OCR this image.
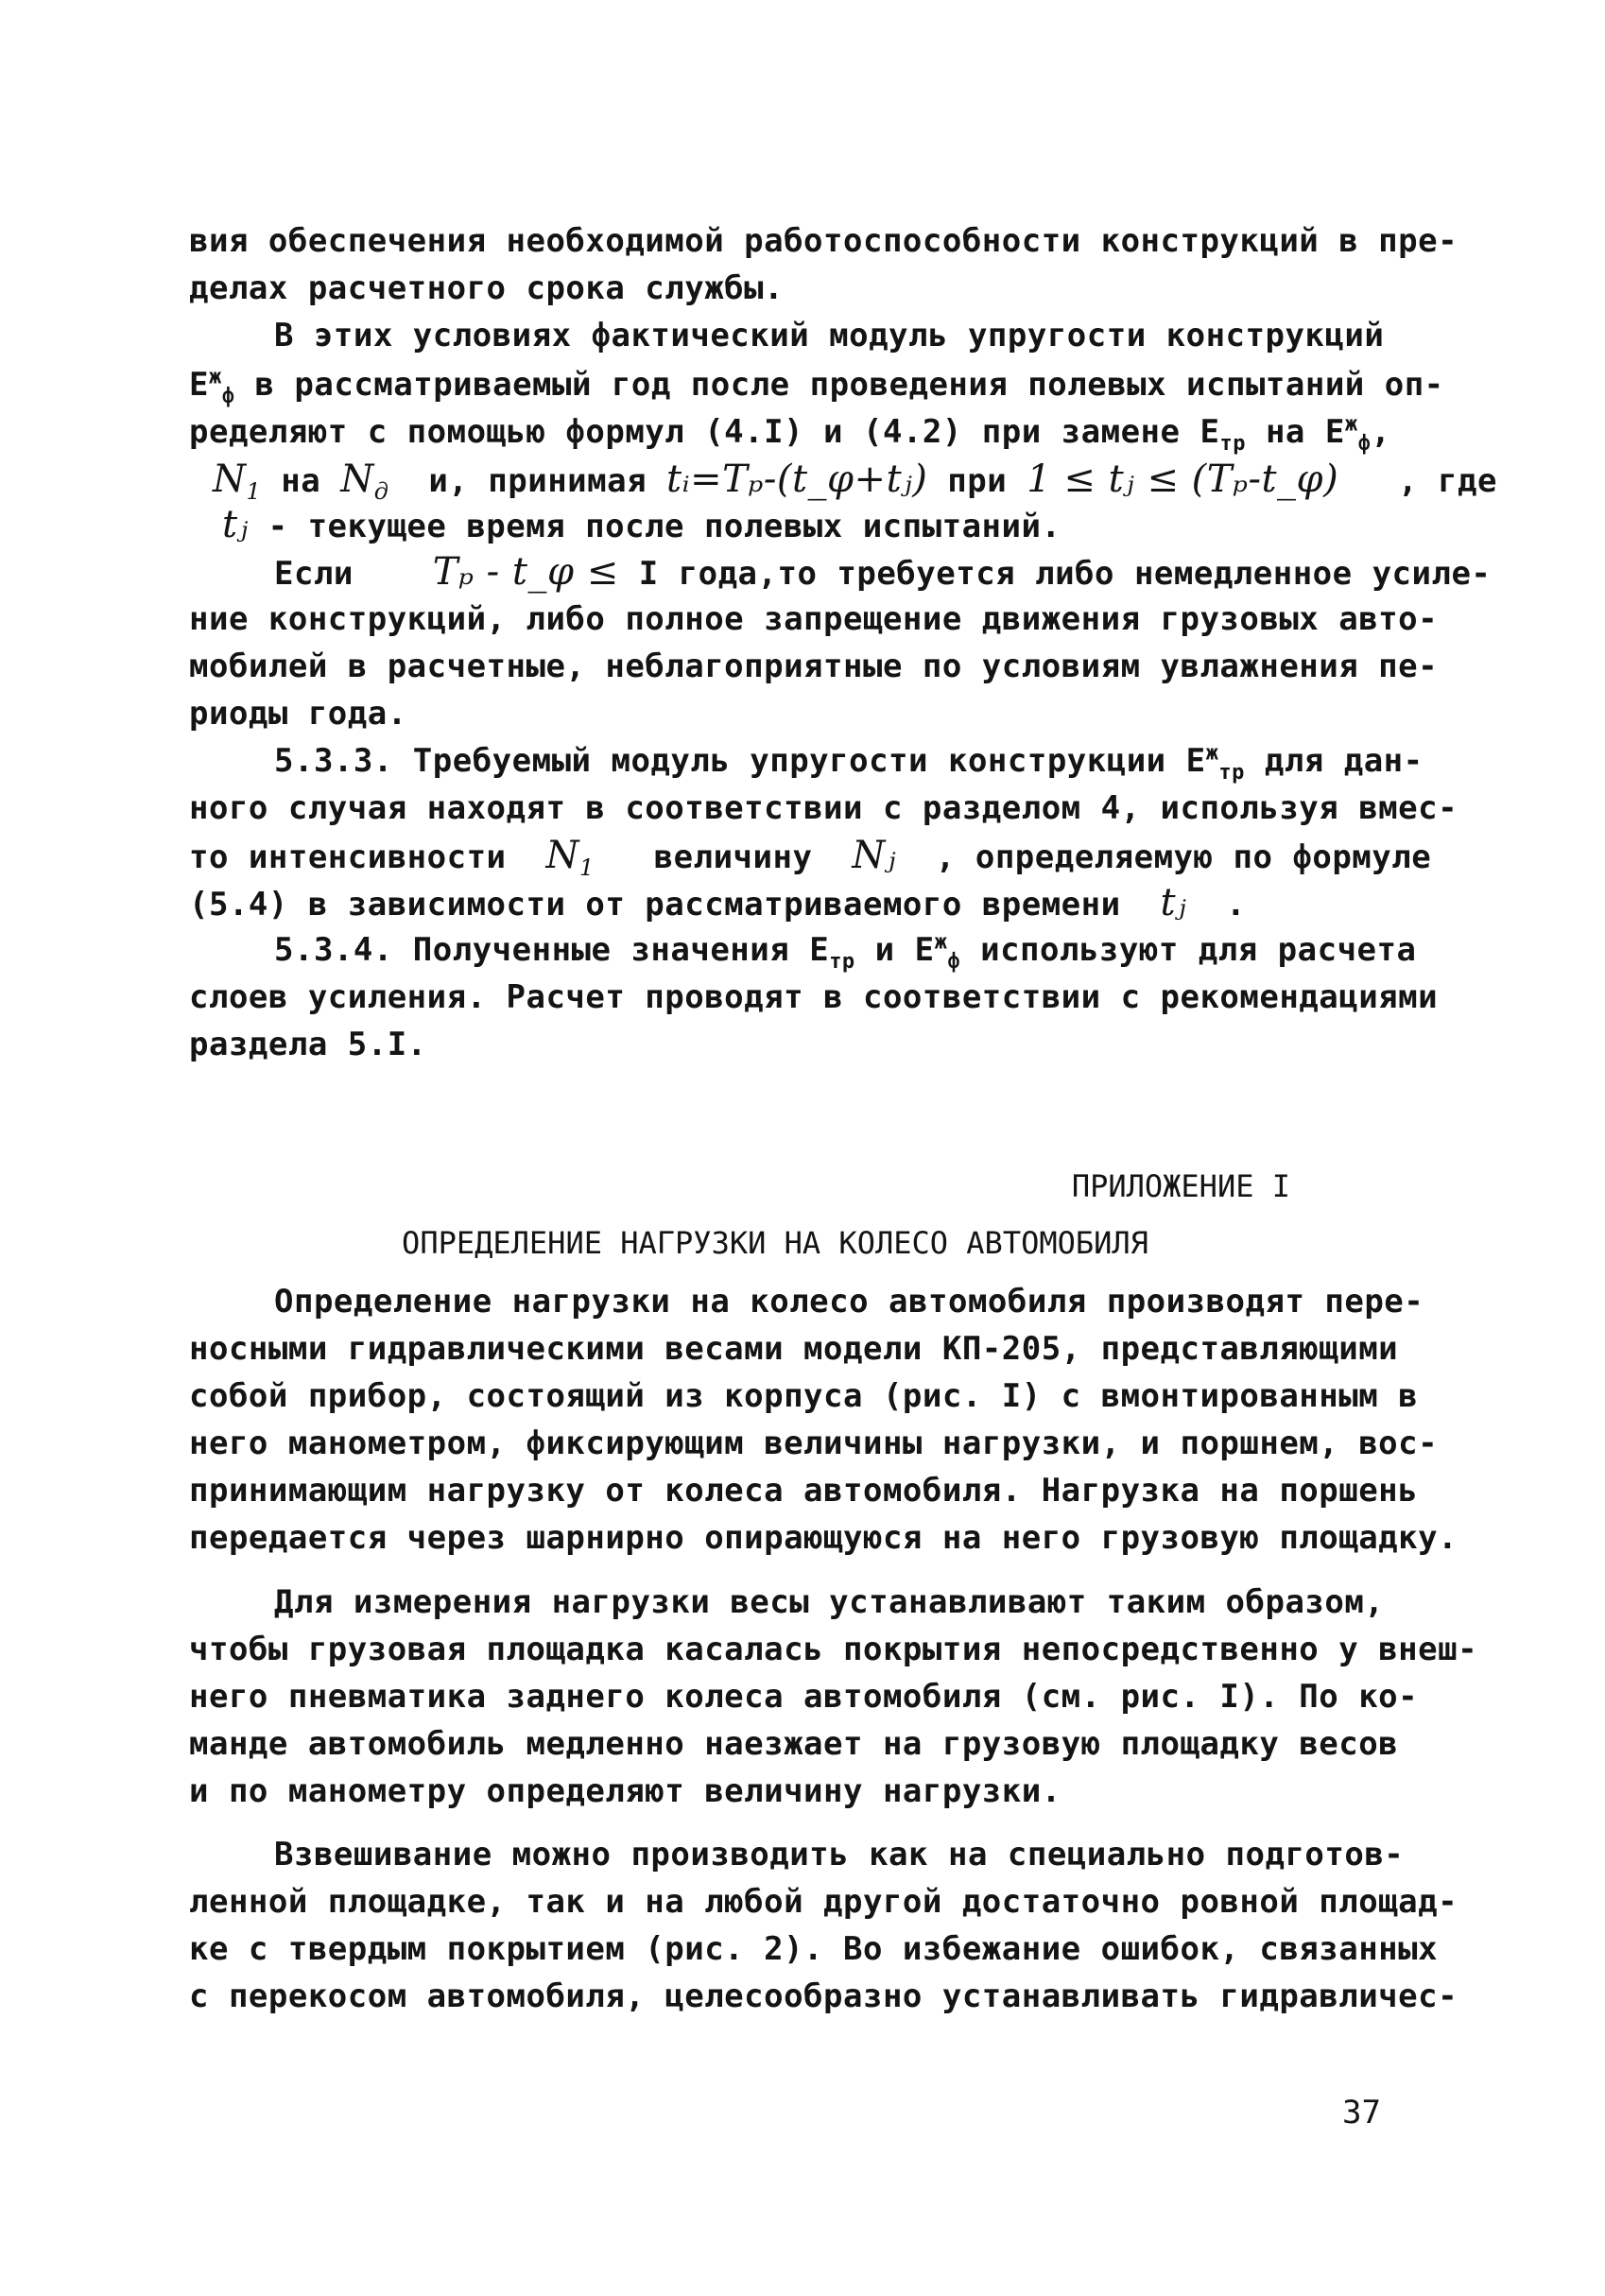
вия обеспечения необходимой работоспособности конструкций в пре-
делах расчетного срока службы.
В этих условиях фактический модуль упругости конструкций
$Е^ж_ф$ в рассматриваемый год после проведения полевых испытаний оп-
ределяют с помощью формул (4.I) и (4.2) при замене $Е_{тр}$ на $Е^ж_ф$,
$N_1$ на $N_д$ и, принимая tᵢ=Tₚ-(t_φ+tⱼ) при 1 ≤ tⱼ ≤ (Tₚ-t_φ) , где
tⱼ - текущее время после полевых испытаний.
Если Tₚ - t_φ ≤ I года,то требуется либо немедленное усиле-
ние конструкций, либо полное запрещение движения грузовых авто-
мобилей в расчетные, неблагоприятные по условиям увлажнения пе-
риоды года.
5.3.3. Требуемый модуль упругости конструкции $Е^ж_{тр}$ для дан-
ного случая находят в соответствии с разделом 4, используя вмес-
то интенсивности $N_1$ величину Nⱼ , определяемую по формуле
(5.4) в зависимости от рассматриваемого времени tⱼ  .
5.3.4. Полученные значения $Е_{тр}$ и $Е^ж_ф$ используют для расчета
слоев усиления. Расчет проводят в соответствии с рекомендациями
раздела 5.I.
ПРИЛОЖЕНИЕ I
ОПРЕДЕЛЕНИЕ НАГРУЗКИ НА КОЛЕСО АВТОМОБИЛЯ
Определение нагрузки на колесо автомобиля производят пере-
носными гидравлическими весами модели КП-205, представляющими
собой прибор, состоящий из корпуса (рис. I) с вмонтированным в
него манометром, фиксирующим величины нагрузки, и поршнем, вос-
принимающим нагрузку от колеса автомобиля. Нагрузка на поршень
передается через шарнирно опирающуюся на него грузовую площадку.
Для измерения нагрузки весы устанавливают таким образом,
чтобы грузовая площадка касалась покрытия непосредственно у внеш-
него пневматика заднего колеса автомобиля (см. рис. I). По ко-
манде автомобиль медленно наезжает на грузовую площадку весов
и по манометру определяют величину нагрузки.
Взвешивание можно производить как на специально подготов-
ленной площадке, так и на любой другой достаточно ровной площад-
ке с твердым покрытием (рис. 2). Во избежание ошибок, связанных
с перекосом автомобиля, целесообразно устанавливать гидравличес-
37
